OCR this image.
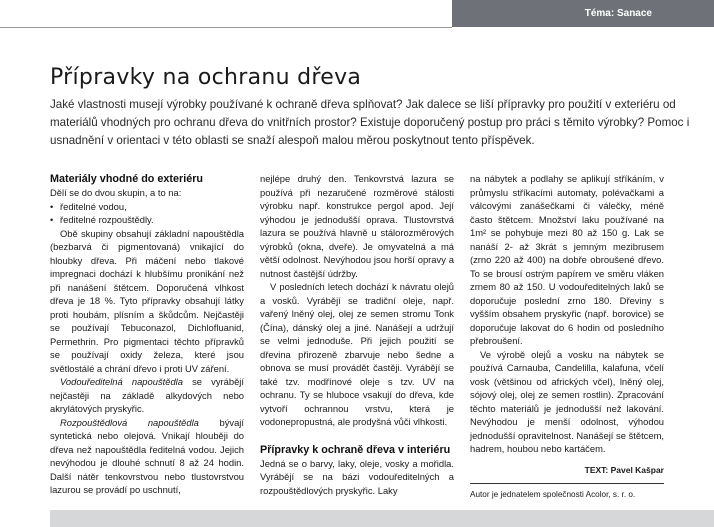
Téma: Sanace
Přípravky na ochranu dřeva
Jaké vlastnosti musejí výrobky používané k ochraně dřeva splňovat? Jak dalece se liší přípravky pro použití v exteriéru od materiálů vhodných pro ochranu dřeva do vnitřních prostor? Existuje doporučený postup pro práci s těmito výrobky? Pomoc i usnadnění v orientaci v této oblasti se snaží alespoň malou měrou poskytnout tento příspěvek.
Materiály vhodné do exteriéru

Dělí se do dvou skupin, a to na:

• ředitelné vodou,
• ředitelné rozpouštědly.

Obě skupiny obsahují základní napouštědla (bezbarvá či pigmentovaná) vnikající do hloubky dřeva. Při máčení nebo tlakové impregnaci dochází k hlubšímu pronikání než při nanášení štětcem. Doporučená vlhkost dřeva je 18 %. Tyto přípravky obsahují látky proti houbám, plísním a škůdcům. Nejčastěji se používají Tebuconazol, Dichlofluanid, Permethrin. Pro pigmentaci těchto přípravků se používají oxidy železa, které jsou světlostálé a chrání dřevo i proti UV záření.

Vodouředitelná napouštědla se vyrábějí nejčastěji na základě alkydových nebo akrylátových pryskyřic.

Rozpouštědlová napouštědla bývají syntetická nebo olejová. Vnikají hlouběji do dřeva než napouštědla ředitelná vodou. Jejich nevýhodou je dlouhé schnutí 8 až 24 hodin. Další nátěr tenkovrstvou nebo tlustovrstvou lazurou se provádí po uschnutí,

nejlépe druhý den. Tenkovrstvá lazura se používá při nezaručené rozměrové stálosti výrobku např. konstrukce pergol apod. Její výhodou je jednodušší oprava. Tlustovrstvá lazura se používá hlavně u stálorozměrových výrobků (okna, dveře). Je omyvatelná a má větší odolnost. Nevýhodou jsou horší opravy a nutnost častější údržby.

V posledních letech dochází k návratu olejů a vosků. Vyrábějí se tradiční oleje, např. vařený lněný olej, olej ze semen stromu Tonk (Čína), dánský olej a jiné. Nanášejí a udržují se velmi jednoduše. Při jejich použití se dřevina přirozeně zbarvuje nebo šedne a obnova se musí provádět častěji. Vyrábějí se také tzv. modřínové oleje s tzv. UV na ochranu. Ty se hluboce vsakují do dřeva, kde vytvoří ochrannou vrstvu, která je vodonepropustná, ale prodyšná vůči vlhkosti.

Přípravky k ochraně dřeva v interiéru

Jedná se o barvy, laky, oleje, vosky a mořidla. Vyrábějí se na bázi vodouředitelných a rozpouštědlových pryskyřic. Laky

na nábytek a podlahy se aplikují stříkáním, v průmyslu stříkacími automaty, polévačkami a válcovými zanášečkami či válečky, méně často štětcem. Množství laku používané na 1m² se pohybuje mezi 80 až 150 g. Lak se nanáší 2- až 3krát s jemným mezibrusem (zrno 220 až 400) na dobře obroušené dřevo. To se brousí ostrým papírem ve směru vláken zrnem 80 až 150. U vodouředitelných laků se doporučuje poslední zrno 180. Dřeviny s vyšším obsahem pryskyřic (např. borovice) se doporučuje lakovat do 6 hodin od posledního přebroušení.

Ve výrobě olejů a vosku na nábytek se používá Carnauba, Candelilla, kalafuna, včelí vosk (většinou od afrických včel), lněný olej, sójový olej, olej ze semen rostlin). Zpracování těchto materiálů je jednodušší než lakování. Nevýhodou je menší odolnost, výhodou jednodušší opravitelnost. Nanášejí se štětcem, hadrem, houbou nebo kartáčem.

TEXT: Pavel Kašpar
Autor je jednatelem společnosti Acolor, s. r. o.
